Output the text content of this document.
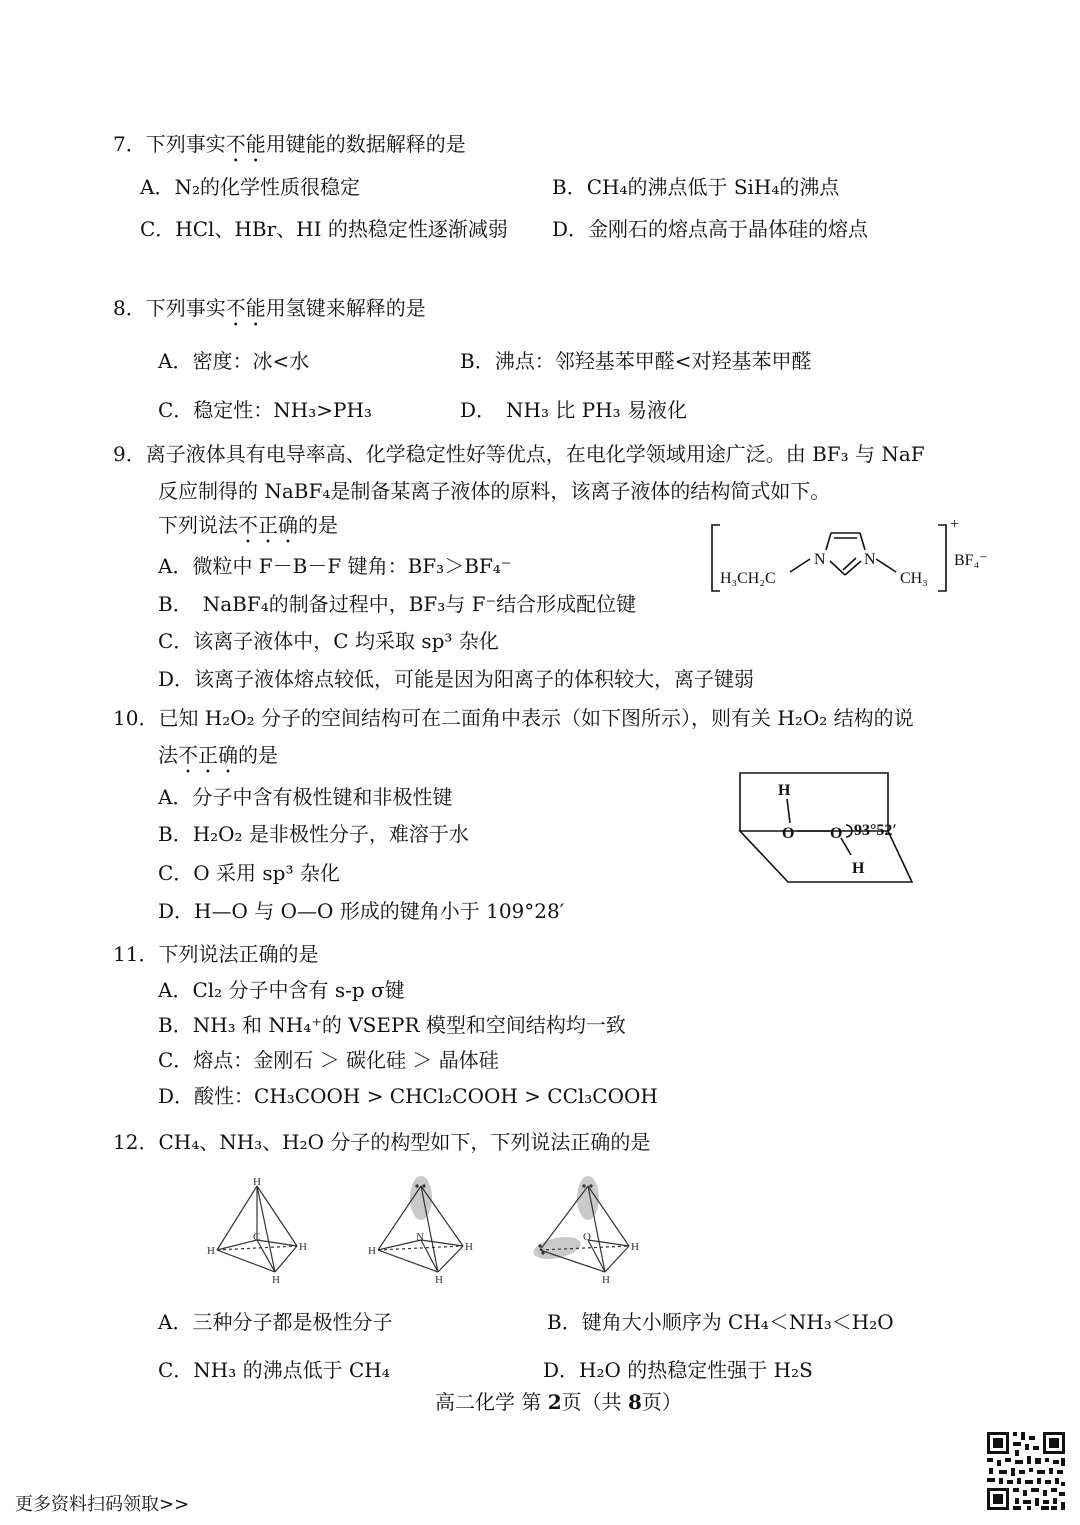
7．下列事实不能用键能的数据解释的是
A．N₂的化学性质很稳定	B．CH₄的沸点低于 SiH₄的沸点
C．HCl、HBr、HI 的热稳定性逐渐减弱 D．金刚石的熔点高于晶体硅的熔点
8．下列事实不能用氢键来解释的是
A．密度：冰<水	B．沸点：邻羟基苯甲醛<对羟基苯甲醛
C．稳定性：NH₃>PH₃	D．　NH₃ 比 PH₃ 易液化
9．离子液体具有电导率高、化学稳定性好等优点，在电化学领域用途广泛。由 BF₃ 与 NaF
反应制得的 NaBF₄是制备某离子液体的原料，该离子液体的结构简式如下。
下列说法不正确的是
A．微粒中 F－B－F 键角：BF₃＞BF₄⁻
B．　NaBF₄的制备过程中，BF₃与 F⁻结合形成配位键
C．该离子液体中，C 均采取 sp³ 杂化
D．该离子液体熔点较低，可能是因为阳离子的体积较大，离子键弱
H₃CH₂C
N N
CH₃
+
BF₄⁻
10．已知 H₂O₂ 分子的空间结构可在二面角中表示（如下图所示），则有关 H₂O₂ 结构的说
法不正确的是
A．分子中含有极性键和非极性键
B．H₂O₂ 是非极性分子，难溶于水
C．O 采用 sp³ 杂化
D．H—O 与 O—O 形成的键角小于 109°28′
H
O O
H
93°52′
11．下列说法正确的是
A．Cl₂ 分子中含有 s-p σ键
B．NH₃ 和 NH₄⁺的 VSEPR 模型和空间结构均一致
C．熔点：金刚石 ＞ 碳化硅 ＞ 晶体硅
D．酸性：CH₃COOH > CHCl₂COOH > CCl₃COOH
12．CH₄、NH₃、H₂O 分子的构型如下，下列说法正确的是
H
H	H
H
C
H	H
H
N
H
H
O
A．三种分子都是极性分子	B．键角大小顺序为 CH₄＜NH₃＜H₂O
C．NH₃ 的沸点低于 CH₄	D．H₂O 的热稳定性强于 H₂S
高二化学 第 2页（共 8页）
更多资料扫码领取>>
